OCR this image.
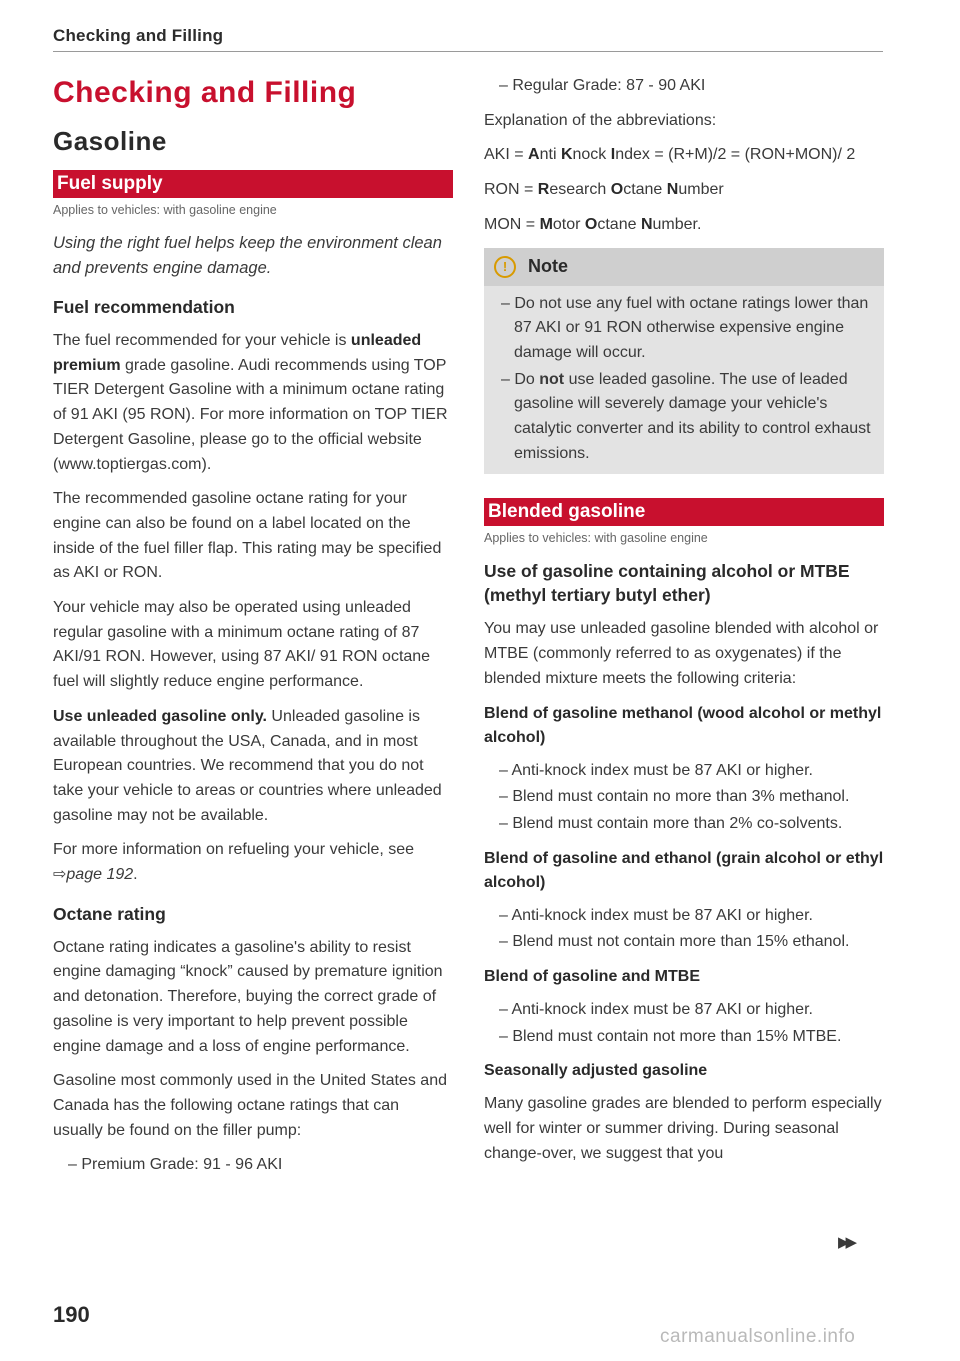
Checking and Filling
Checking and Filling
Gasoline
Fuel supply
Applies to vehicles: with gasoline engine
Using the right fuel helps keep the environment clean and prevents engine damage.
Fuel recommendation

The fuel recommended for your vehicle is unleaded premium grade gasoline. Audi recommends using TOP TIER Detergent Gasoline with a minimum octane rating of 91 AKI (95 RON). For more information on TOP TIER Detergent Gasoline, please go to the official website (www.toptiergas.com).

The recommended gasoline octane rating for your engine can also be found on a label located on the inside of the fuel filler flap. This rating may be specified as AKI or RON.

Your vehicle may also be operated using unleaded regular gasoline with a minimum octane rating of 87 AKI/91 RON. However, using 87 AKI/ 91 RON octane fuel will slightly reduce engine performance.

Use unleaded gasoline only. Unleaded gasoline is available throughout the USA, Canada, and in most European countries. We recommend that you do not take your vehicle to areas or countries where unleaded gasoline may not be available.

For more information on refueling your vehicle, see ⇨page 192.

Octane rating

Octane rating indicates a gasoline's ability to resist engine damaging “knock” caused by premature ignition and detonation. Therefore, buying the correct grade of gasoline is very important to help prevent possible engine damage and a loss of engine performance.

Gasoline most commonly used in the United States and Canada has the following octane ratings that can usually be found on the filler pump:

– Premium Grade: 91 - 96 AKI
– Regular Grade: 87 - 90 AKI

Explanation of the abbreviations:

AKI = Anti Knock Index = (R+M)/2 = (RON+MON)/ 2

RON = Research Octane Number

MON = Motor Octane Number.

!	Note
– Do not use any fuel with octane ratings lower than 87 AKI or 91 RON otherwise expensive engine damage will occur.
– Do not use leaded gasoline. The use of leaded gasoline will severely damage your vehicle's catalytic converter and its ability to control exhaust emissions.
Blended gasoline
Applies to vehicles: with gasoline engine
Use of gasoline containing alcohol or MTBE (methyl tertiary butyl ether)

You may use unleaded gasoline blended with alcohol or MTBE (commonly referred to as oxygenates) if the blended mixture meets the following criteria:

Blend of gasoline methanol (wood alcohol or methyl alcohol)
– Anti-knock index must be 87 AKI or higher.
– Blend must contain no more than 3% methanol.
– Blend must contain more than 2% co-solvents.
Blend of gasoline and ethanol (grain alcohol or ethyl alcohol)
– Anti-knock index must be 87 AKI or higher.
– Blend must not contain more than 15% ethanol.
Blend of gasoline and MTBE
– Anti-knock index must be 87 AKI or higher.
– Blend must contain not more than 15% MTBE.
Seasonally adjusted gasoline

Many gasoline grades are blended to perform especially well for winter or summer driving. During seasonal change-over, we suggest that you

▶▶
190
carmanualsonline.info
